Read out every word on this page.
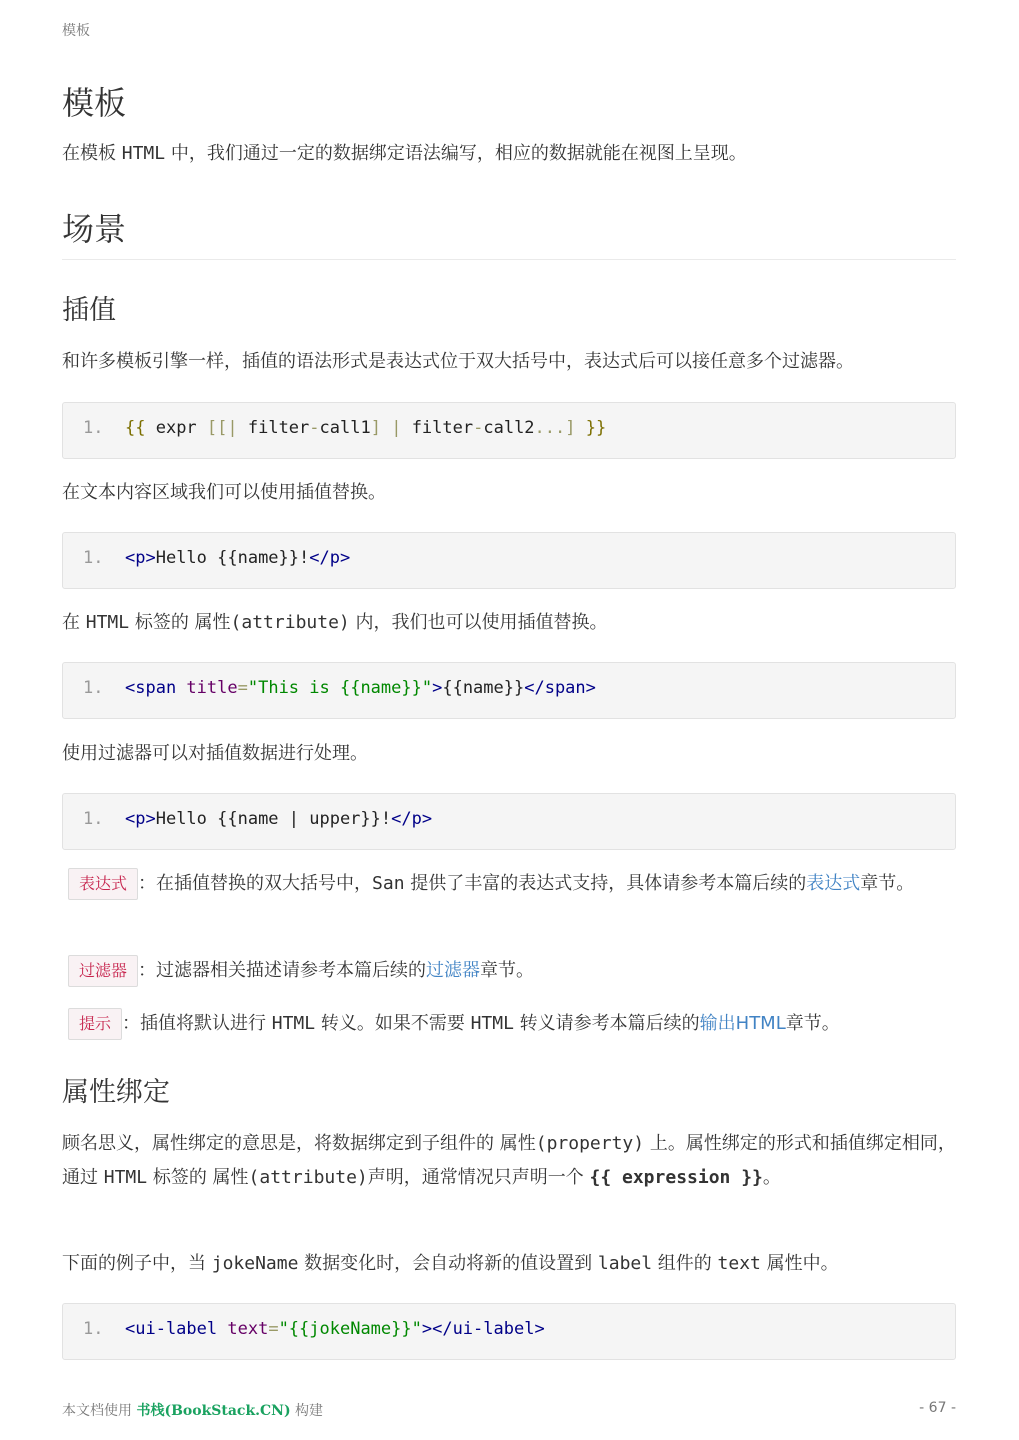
模板
模板

在模板 HTML 中，我们通过一定的数据绑定语法编写，相应的数据就能在视图上呈现。

场景
插值

和许多模板引擎一样，插值的语法形式是表达式位于双大括号中，表达式后可以接任意多个过滤器。

1. {{ expr [[| filter-call1] | filter-call2...] }}

在文本内容区域我们可以使用插值替换。

1. <p>Hello {{name}}!</p>

在 HTML 标签的 属性(attribute) 内，我们也可以使用插值替换。

1. <span title="This is {{name}}">{{name}}</span>

使用过滤器可以对插值数据进行处理。

1. <p>Hello {{name | upper}}!</p>

表达式 ：在插值替换的双大括号中，San 提供了丰富的表达式支持，具体请参考本篇后续的表达式章节。

过滤器 ：过滤器相关描述请参考本篇后续的过滤器章节。

提示 ：插值将默认进行 HTML 转义。如果不需要 HTML 转义请参考本篇后续的输出HTML章节。

属性绑定

顾名思义，属性绑定的意思是，将数据绑定到子组件的 属性(property) 上。属性绑定的形式和插值绑定相同，通过 HTML 标签的 属性(attribute)声明，通常情况只声明一个 {{ expression }}。

下面的例子中，当 jokeName 数据变化时，会自动将新的值设置到 label 组件的 text 属性中。

1. <ui-label text="{{jokeName}}"></ui-label>
本文档使用 书栈(BookStack.CN) 构建	- 67 -
